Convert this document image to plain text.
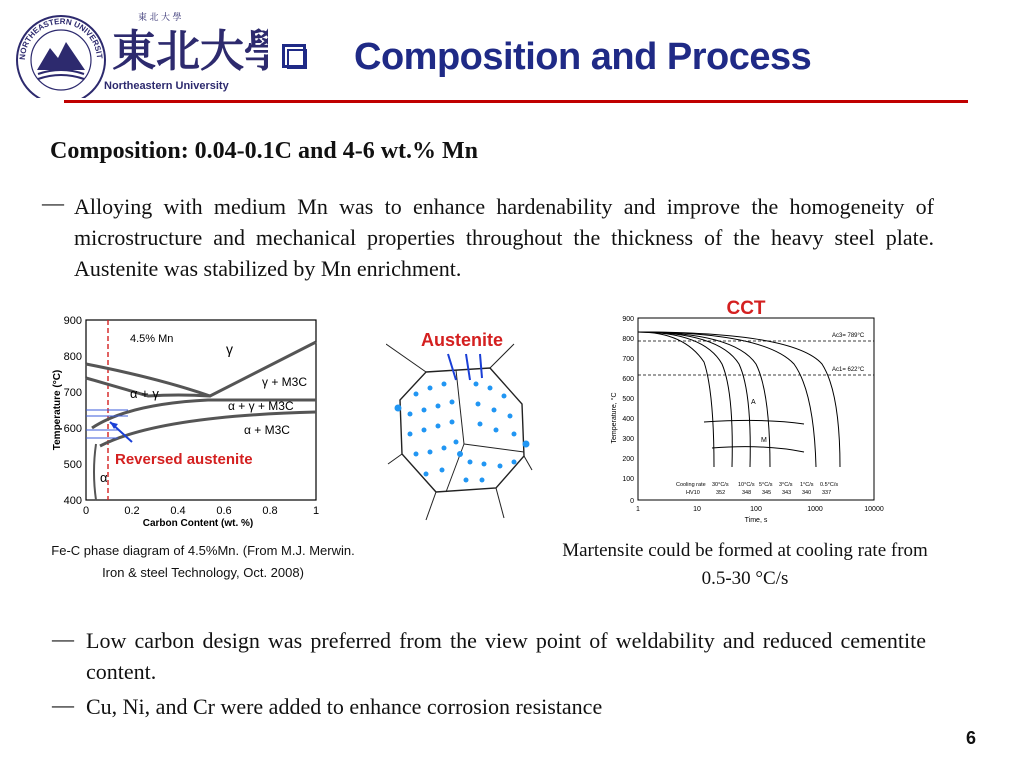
NORTHEASTERN UNIVERSIT
東 北 大 學
東北大學
Northeastern University
Composition and Process
Composition: 0.04-0.1C and 4-6 wt.% Mn
— Alloying with medium Mn was to enhance hardenability and improve the homogeneity of microstructure and mechanical properties throughout the thickness of the heavy steel plate. Austenite was stabilized by Mn enrichment.
900
800
700
600
500
400
0	0.2	0.4	0.6	0.8	1
Carbon Content (wt. %)
Temperature (°C)
4.5% Mn
γ
α + γ
γ + M3C
α + γ + M3C
α + M3C
α
Reversed austenite
Austenite
CCT
900
800
700
600
500
400
300
200
100
0
1	10	100	1000	10000
Time, s
Temperature, °C
Ac3= 789°C
Ac1= 622°C
A
M
Cooling rate
HV10
30°C/s 10°C/s 5°C/s 3°C/s 1°C/s 0.5°C/s
352	348 345 343 340 337
Fe-C phase diagram of 4.5%Mn. (From M.J. Merwin. Iron & steel Technology, Oct. 2008)
Martensite could be formed at cooling rate from 0.5-30 °C/s
— Low carbon design was preferred from the view point of weldability and reduced cementite content.
— Cu, Ni, and Cr were added to enhance corrosion resistance
6
